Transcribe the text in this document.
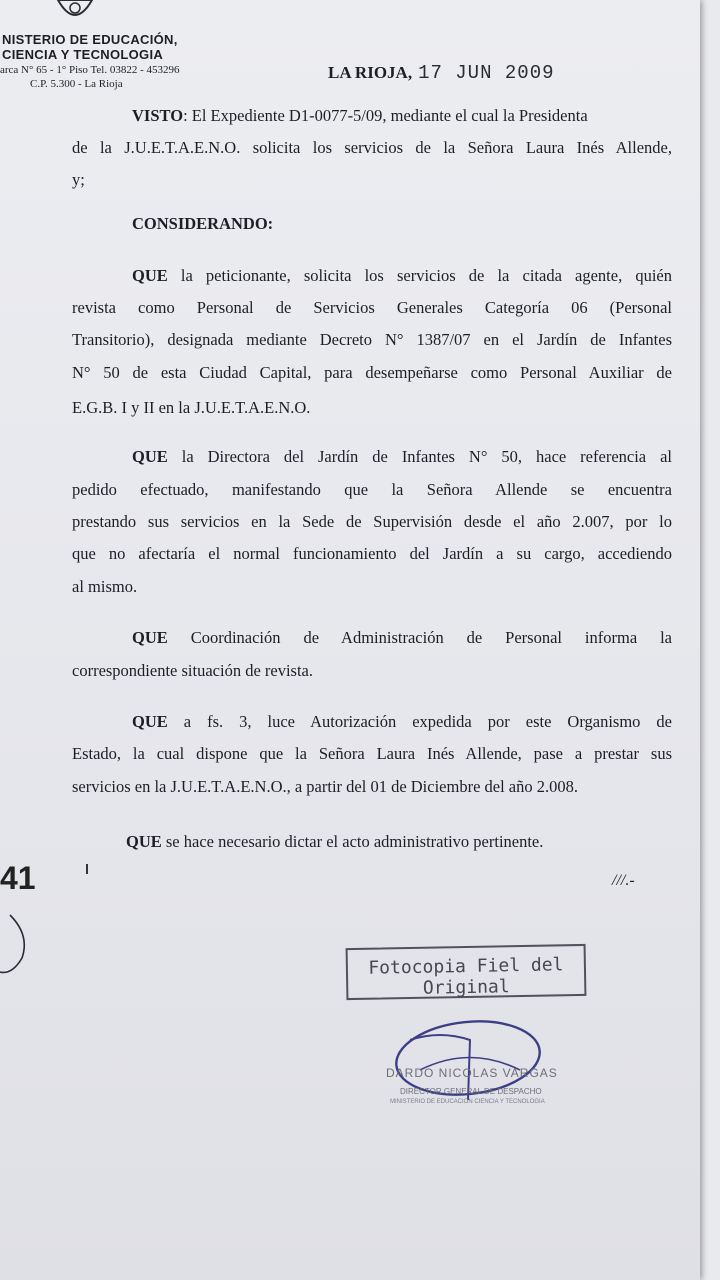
NISTERIO DE EDUCACIÓN,
CIENCIA Y TECNOLOGIA
arca N° 65 - 1° Piso Tel. 03822 - 453296
C.P. 5.300 - La Rioja
LA RIOJA, 17 JUN 2009
VISTO: El Expediente D1-0077-5/09, mediante el cual la Presidenta
de la J.U.E.T.A.E.N.O. solicita los servicios de la Señora Laura Inés Allende,
y;
CONSIDERANDO:
QUE la peticionante, solicita los servicios de la citada agente, quién
revista como Personal de Servicios Generales Categoría 06 (Personal
Transitorio), designada mediante Decreto N° 1387/07 en el Jardín de Infantes
N° 50 de esta Ciudad Capital, para desempeñarse como Personal Auxiliar de
E.G.B. I y II en la J.U.E.T.A.E.N.O.
QUE la Directora del Jardín de Infantes N° 50, hace referencia al
pedido efectuado, manifestando que la Señora Allende se encuentra
prestando sus servicios en la Sede de Supervisión desde el año 2.007, por lo
que no afectaría el normal funcionamiento del Jardín a su cargo, accediendo
al mismo.
QUE Coordinación de Administración de Personal informa la
correspondiente situación de revista.
QUE a fs. 3, luce Autorización expedida por este Organismo de
Estado, la cual dispone que la Señora Laura Inés Allende, pase a prestar sus
servicios en la J.U.E.T.A.E.N.O., a partir del 01 de Diciembre del año 2.008.
QUE se hace necesario dictar el acto administrativo pertinente.
///.-
41
Fotocopia Fiel del Original
DARDO NICOLAS VARGAS
DIRECTOR GENERAL DE DESPACHO
MINISTERIO DE EDUCACION CIENCIA Y TECNOLOGIA
